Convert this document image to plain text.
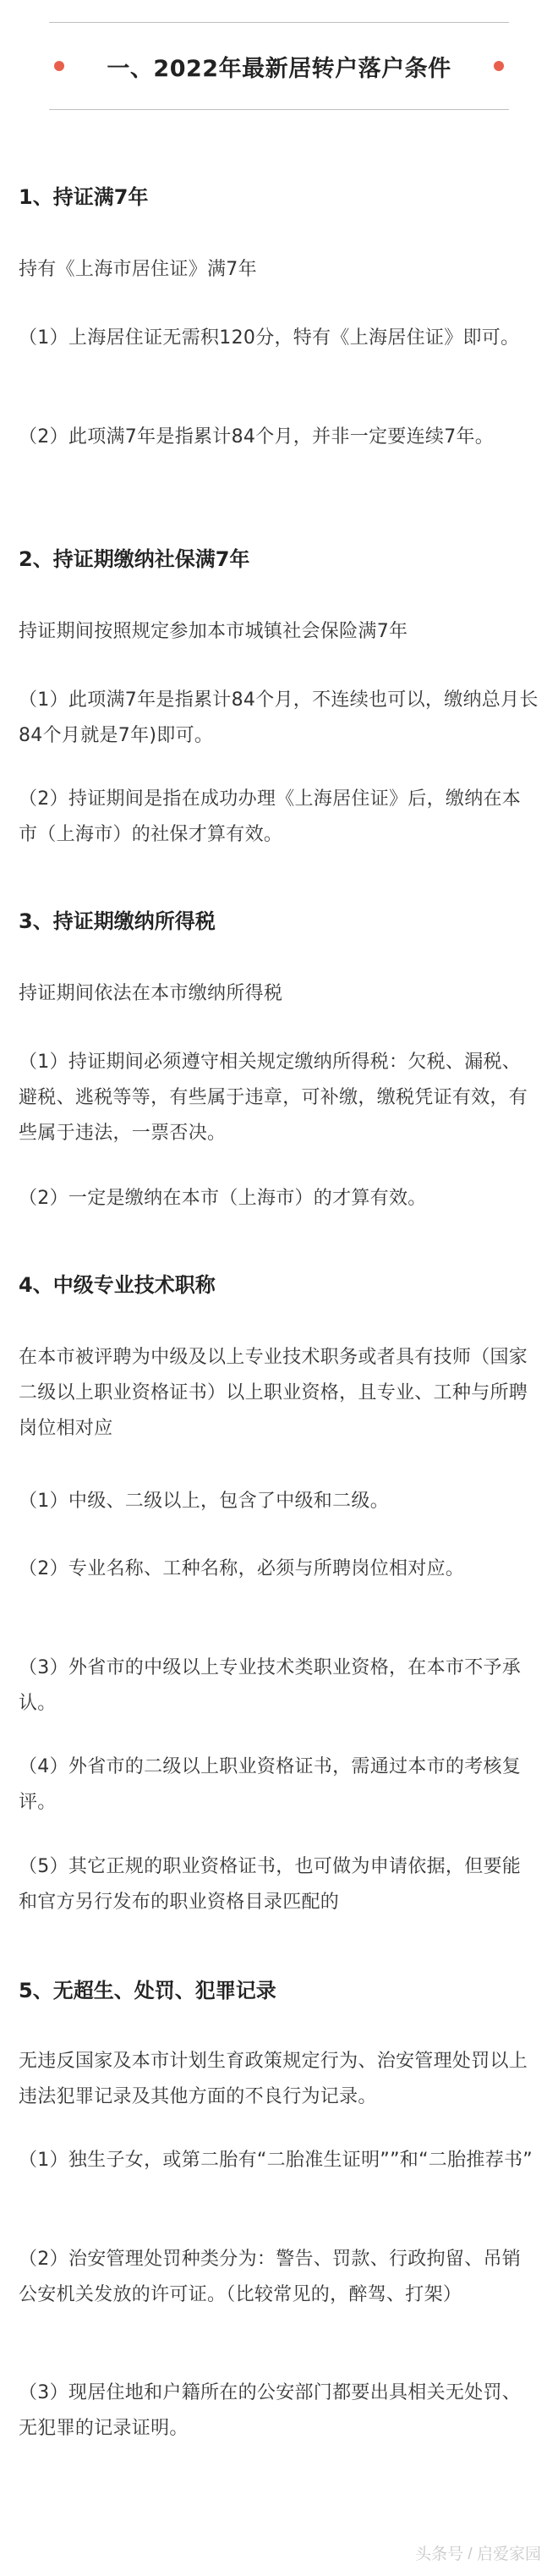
一、2022年最新居转户落户条件

1、持证满7年

持有《上海市居住证》满7年

（1）上海居住证无需积120分，特有《上海居住证》即可。

（2）此项满7年是指累计84个月，并非一定要连续7年。

2、持证期缴纳社保满7年

持证期间按照规定参加本市城镇社会保险满7年

（1）此项满7年是指累计84个月，不连续也可以，缴纳总月长84个月就是7年)即可。

（2）持证期间是指在成功办理《上海居住证》后，缴纳在本市（上海市）的社保才算有效。

3、持证期缴纳所得税

持证期间依法在本市缴纳所得税

（1）持证期间必须遵守相关规定缴纳所得税：欠税、漏税、避税、逃税等等，有些属于违章，可补缴，缴税凭证有效，有些属于违法，一票否决。

（2）一定是缴纳在本市（上海市）的才算有效。

4、中级专业技术职称

在本市被评聘为中级及以上专业技术职务或者具有技师（国家二级以上职业资格证书）以上职业资格，且专业、工种与所聘岗位相对应

（1）中级、二级以上，包含了中级和二级。

（2）专业名称、工种名称，必须与所聘岗位相对应。

（3）外省市的中级以上专业技术类职业资格，在本市不予承认。

（4）外省市的二级以上职业资格证书，需通过本市的考核复评。

（5）其它正规的职业资格证书，也可做为申请依据，但要能和官方另行发布的职业资格目录匹配的

5、无超生、处罚、犯罪记录

无违反国家及本市计划生育政策规定行为、治安管理处罚以上违法犯罪记录及其他方面的不良行为记录。

（1）独生子女，或第二胎有“二胎准生证明””和“二胎推荐书”

（2）治安管理处罚种类分为：警告、罚款、行政拘留、吊销公安机关发放的许可证。（比较常见的，醉驾、打架）

（3）现居住地和户籍所在的公安部门都要出具相关无处罚、无犯罪的记录证明。

头条号 / 启爱家园
